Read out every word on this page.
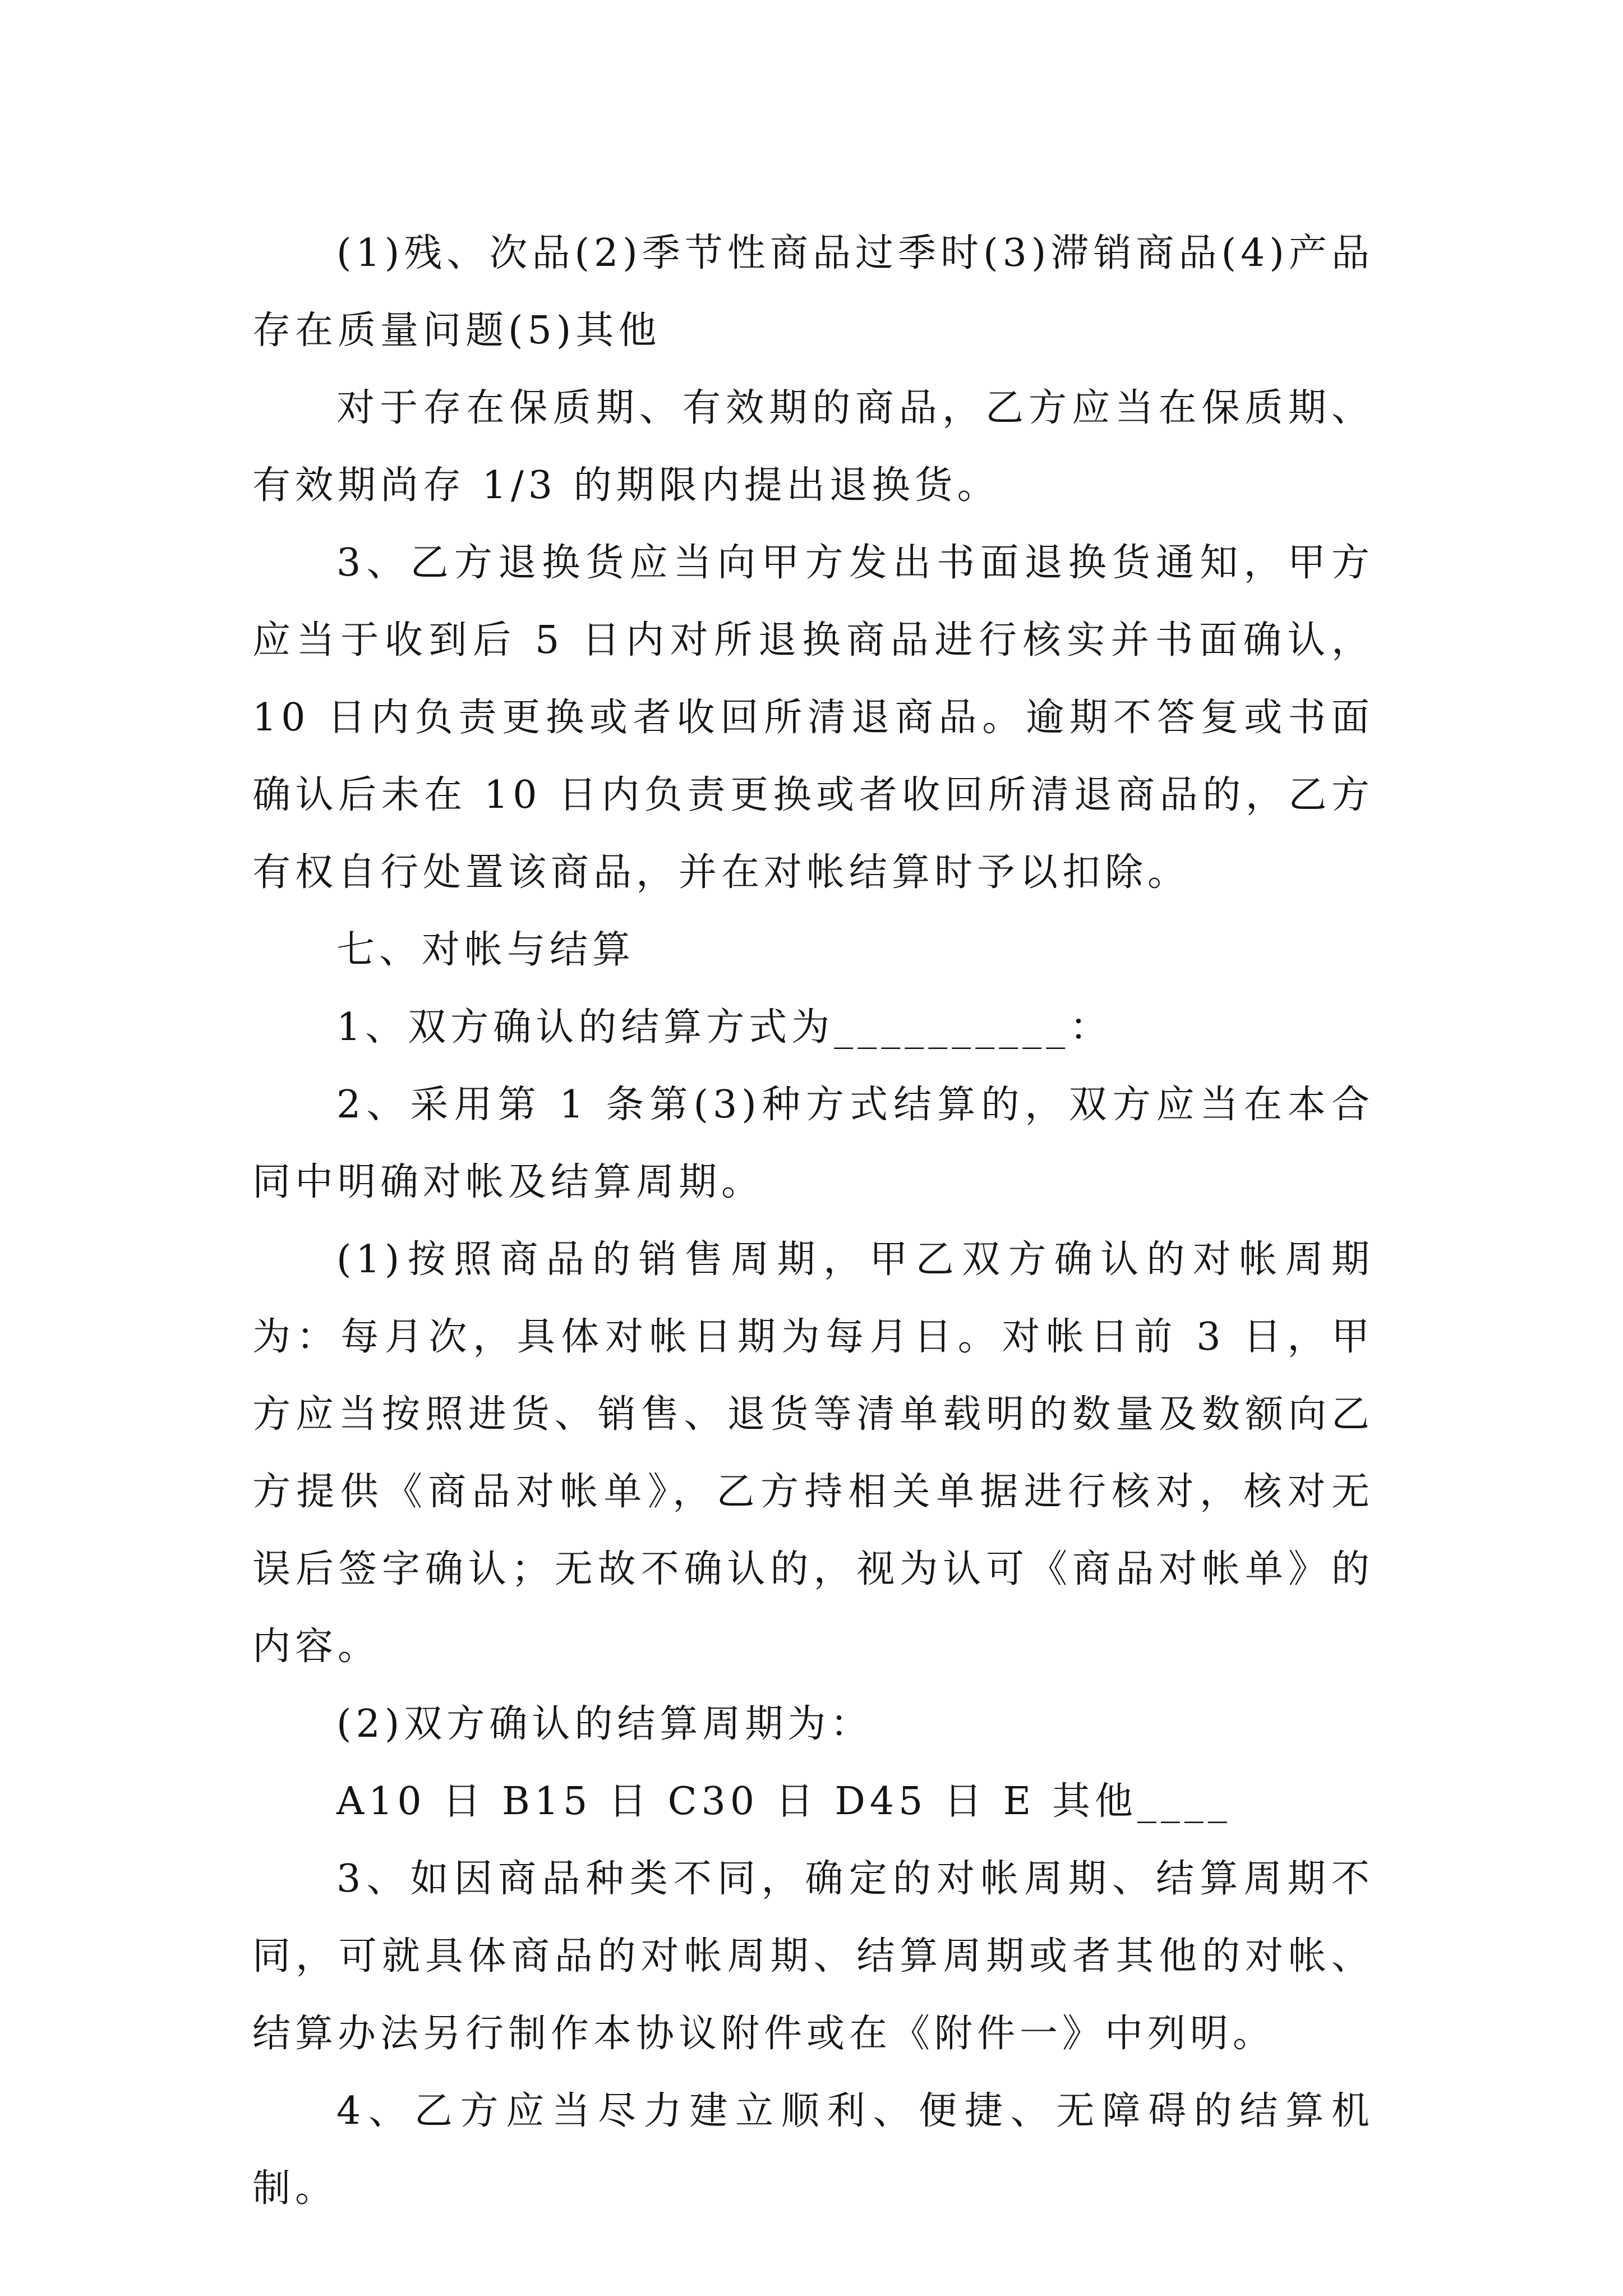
(1)残、次品(2)季节性商品过季时(3)滞销商品(4)产品存在质量问题(5)其他

对于存在保质期、有效期的商品，乙方应当在保质期、有效期尚存 1/3 的期限内提出退换货。

3、乙方退换货应当向甲方发出书面退换货通知，甲方应当于收到后 5 日内对所退换商品进行核实并书面确认，10 日内负责更换或者收回所清退商品。逾期不答复或书面确认后未在 10 日内负责更换或者收回所清退商品的，乙方有权自行处置该商品，并在对帐结算时予以扣除。

七、对帐与结算

1、双方确认的结算方式为__________：

2、采用第 1 条第(3)种方式结算的，双方应当在本合同中明确对帐及结算周期。

(1)按照商品的销售周期，甲乙双方确认的对帐周期为：每月次，具体对帐日期为每月日。对帐日前 3 日，甲方应当按照进货、销售、退货等清单载明的数量及数额向乙方提供《商品对帐单》，乙方持相关单据进行核对，核对无误后签字确认；无故不确认的，视为认可《商品对帐单》的内容。

(2)双方确认的结算周期为：

A10 日 B15 日 C30 日 D45 日 E 其他____

3、如因商品种类不同，确定的对帐周期、结算周期不同，可就具体商品的对帐周期、结算周期或者其他的对帐、结算办法另行制作本协议附件或在《附件一》中列明。

4、乙方应当尽力建立顺利、便捷、无障碍的结算机制。
